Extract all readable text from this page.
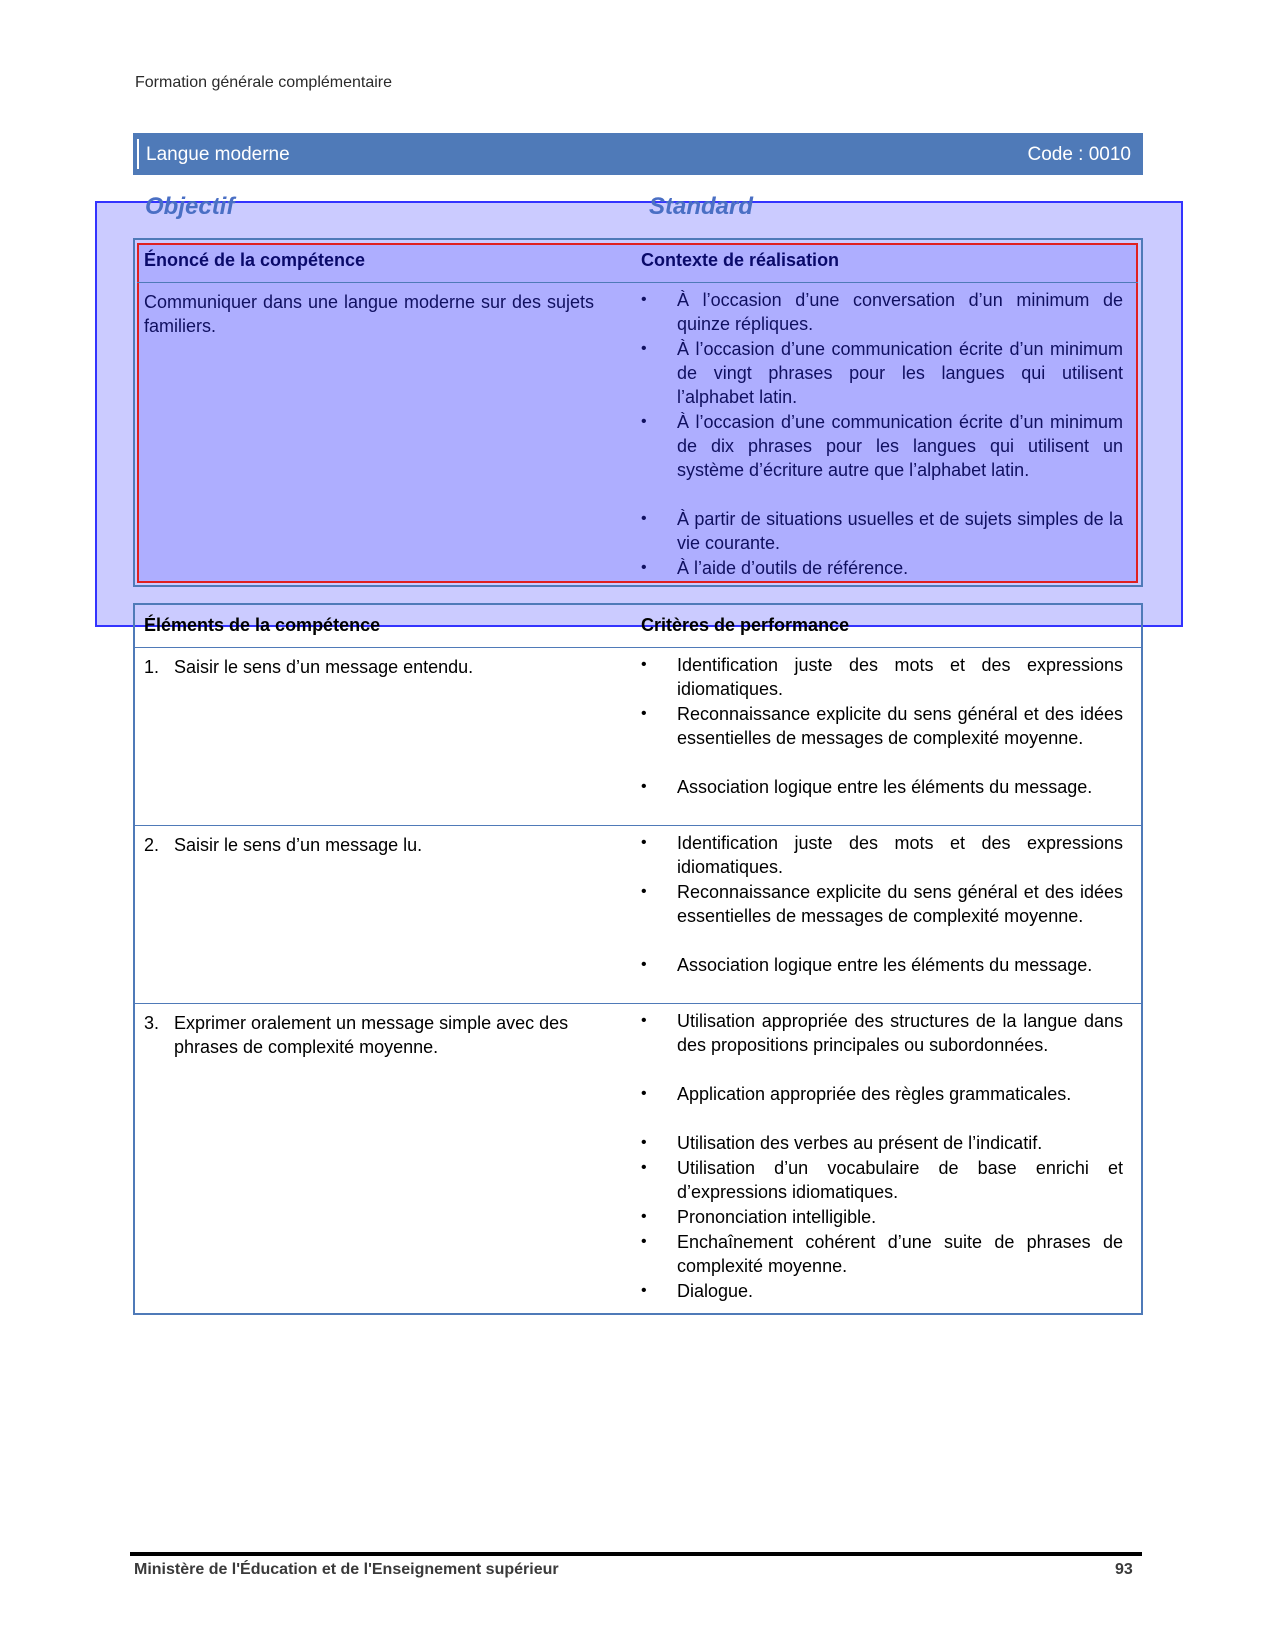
Formation générale complémentaire
Langue moderne	Code : 0010
Objectif	Standard
Énoncé de la compétence	Contexte de réalisation
Communiquer dans une langue moderne sur des sujets familiers.
• À l’occasion d’une conversation d’un minimum de quinze répliques.
• À l’occasion d’une communication écrite d’un minimum de vingt phrases pour les langues qui utilisent l’alphabet latin.
• À l’occasion d’une communication écrite d’un minimum de dix phrases pour les langues qui utilisent un système d’écriture autre que l’alphabet latin.
• À partir de situations usuelles et de sujets simples de la vie courante.
• À l’aide d’outils de référence.
Éléments de la compétence	Critères de performance
1. Saisir le sens d’un message entendu.	• Identification juste des mots et des expressions idiomatiques.
• Reconnaissance explicite du sens général et des idées essentielles de messages de complexité moyenne.
• Association logique entre les éléments du message.
2. Saisir le sens d’un message lu.	• Identification juste des mots et des expressions idiomatiques.
• Reconnaissance explicite du sens général et des idées essentielles de messages de complexité moyenne.
• Association logique entre les éléments du message.
3. Exprimer oralement un message simple avec des phrases de complexité moyenne.
• Utilisation appropriée des structures de la langue dans des propositions principales ou subordonnées.
• Application appropriée des règles grammaticales.
• Utilisation des verbes au présent de l’indicatif.
• Utilisation d’un vocabulaire de base enrichi et d’expressions idiomatiques.
• Prononciation intelligible.
• Enchaînement cohérent d’une suite de phrases de complexité moyenne.
• Dialogue.
Ministère de l'Éducation et de l'Enseignement supérieur	93
